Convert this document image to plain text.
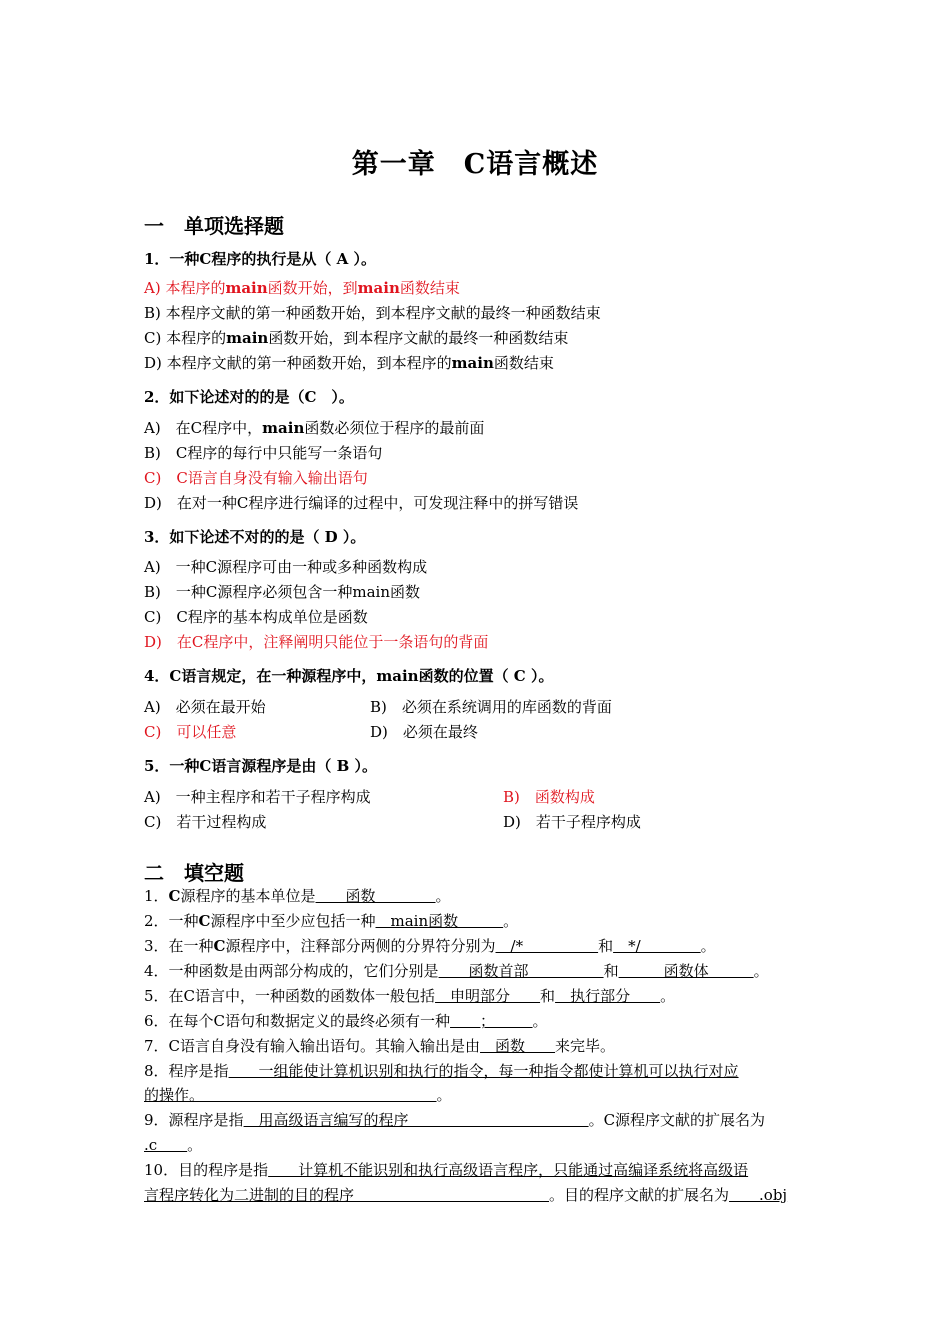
第一章　C语言概述
一　单项选择题
1．一种C程序的执行是从（ A ）。
A) 本程序的main函数开始，到main函数结束
B) 本程序文献的第一种函数开始，到本程序文献的最终一种函数结束
C) 本程序的main函数开始，到本程序文献的最终一种函数结束
D) 本程序文献的第一种函数开始，到本程序的main函数结束
2．如下论述对的的是（C　）。
A)　在C程序中，main函数必须位于程序的最前面
B)　C程序的每行中只能写一条语句
C)　C语言自身没有输入输出语句
D)　在对一种C程序进行编译的过程中，可发现注释中的拼写错误
3．如下论述不对的的是（ D ）。
A)　一种C源程序可由一种或多种函数构成
B)　一种C源程序必须包含一种main函数
C)　C程序的基本构成单位是函数
D)　在C程序中，注释阐明只能位于一条语句的背面
4．C语言规定，在一种源程序中，main函数的位置（ C ）。
A)　必须在最开始	B)　必须在系统调用的库函数的背面
C)　可以任意	D)　必须在最终
5．一种C语言源程序是由（ B ）。
A)　一种主程序和若干子程序构成	B)　函数构成
C)　若干过程构成	D)　若干子程序构成
二　填空题
1．C源程序的基本单位是　　函数　　　　。
2．一种C源程序中至少应包括一种　main函数　　　。
3．在一种C源程序中，注释部分两侧的分界符分别为　/*　　　　　和　*/　　　　。
4．一种函数是由两部分构成的，它们分别是　　函数首部　　　　　和　　　函数体　　　。
5．在C语言中，一种函数的函数体一般包括　申明部分　　和　执行部分　　。
6．在每个C语句和数据定义的最终必须有一种　　；　　　。
7．C语言自身没有输入输出语句。其输入输出是由　函数　　来完毕。
8．程序是指　　一组能使计算机识别和执行的指令，每一种指令都使计算机可以执行对应
的操作。　　　　　　　　　　　　　　　　。
9．源程序是指　用高级语言编写的程序　　　　　　　　　　　　。C源程序文献的扩展名为
.c　　。
10．目的程序是指　　计算机不能识别和执行高级语言程序，只能通过高编译系统将高级语
言程序转化为二进制的目的程序　　　　　　　　　　　　　。目的程序文献的扩展名为　　.obj
